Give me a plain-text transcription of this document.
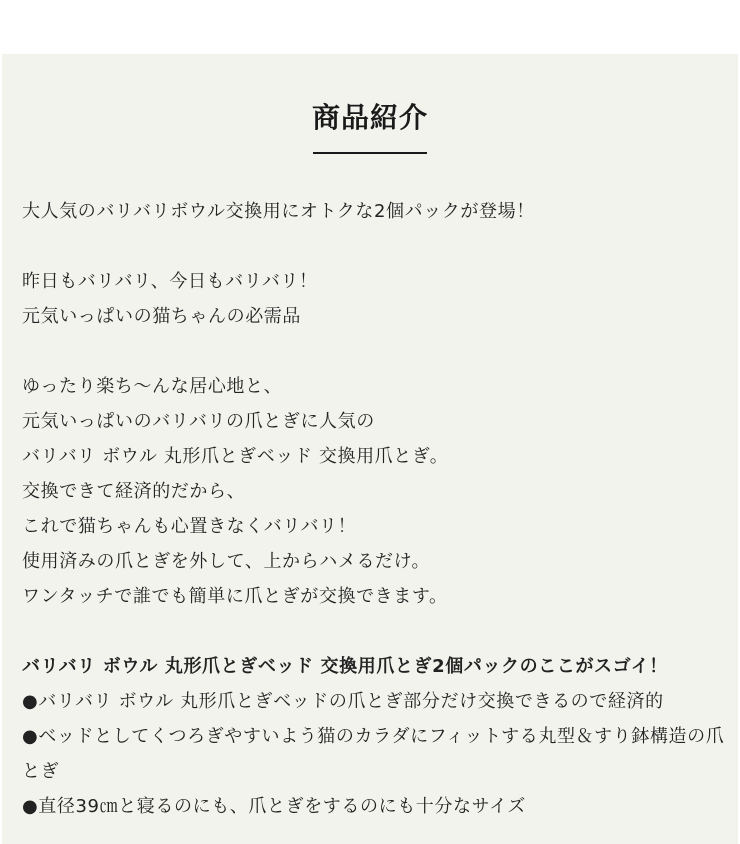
商品紹介
大人気のバリバリボウル交換用にオトクな2個パックが登場！
昨日もバリバリ、今日もバリバリ！
元気いっぱいの猫ちゃんの必需品
ゆったり楽ち〜んな居心地と、
元気いっぱいのバリバリの爪とぎに人気の
バリバリ ボウル 丸形爪とぎベッド 交換用爪とぎ。
交換できて経済的だから、
これで猫ちゃんも心置きなくバリバリ！
使用済みの爪とぎを外して、上からハメるだけ。
ワンタッチで誰でも簡単に爪とぎが交換できます。
バリバリ ボウル 丸形爪とぎベッド 交換用爪とぎ2個パックのここがスゴイ！
●バリバリ ボウル 丸形爪とぎベッドの爪とぎ部分だけ交換できるので経済的
●ベッドとしてくつろぎやすいよう猫のカラダにフィットする丸型＆すり鉢構造の爪とぎ
●直径39㎝と寝るのにも、爪とぎをするのにも十分なサイズ
